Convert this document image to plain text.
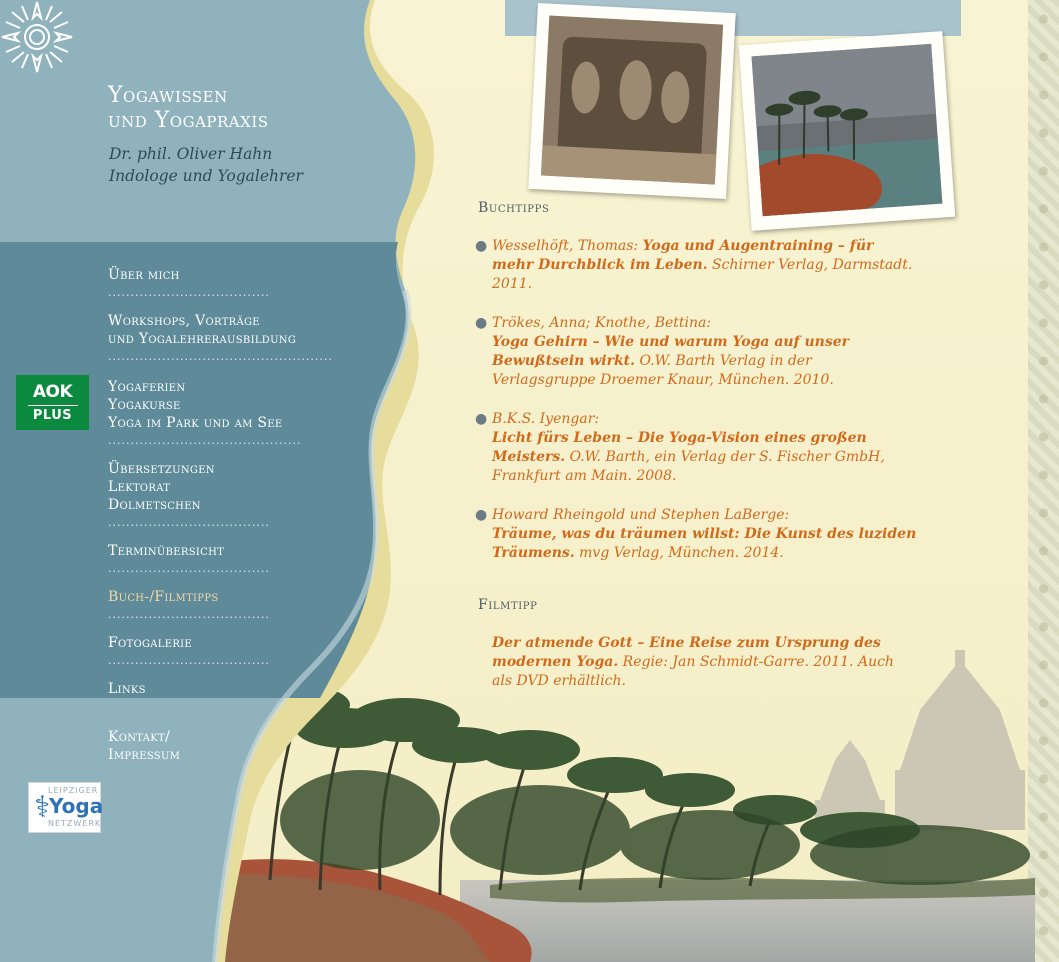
Yogawissen
und Yogapraxis
Dr. phil. Oliver Hahn
Indologe und Yogalehrer
Über mich
....................................
Workshops, Vorträge
und Yogalehrerausbildung
..................................................
Yogaferien
Yogakurse
Yoga im Park und am See
...........................................
Übersetzungen
Lektorat
Dolmetschen
....................................
Terminübersicht
....................................
Buch-/Filmtipps
....................................
Fotogalerie
....................................
Links
Kontakt/
Impressum
AOK
PLUS
⚕
LEIPZIGER
Yoga
NETZWERK
Buchtipps
● Wesselhöft, Thomas: Yoga und Augentraining – für mehr Durchblick im Leben. Schirner Verlag, Darmstadt. 2011.
● Trökes, Anna; Knothe, Bettina:
Yoga Gehirn – Wie und warum Yoga auf unser Bewußtsein wirkt. O.W. Barth Verlag in der Verlagsgruppe Droemer Knaur, München. 2010.
● B.K.S. Iyengar:
Licht fürs Leben – Die Yoga-Vision eines großen Meisters. O.W. Barth, ein Verlag der S. Fischer GmbH, Frankfurt am Main. 2008.
● Howard Rheingold und Stephen LaBerge:
Träume, was du träumen willst: Die Kunst des luziden Träumens. mvg Verlag, München. 2014.
Filmtipp
Der atmende Gott – Eine Reise zum Ursprung des modernen Yoga. Regie: Jan Schmidt-Garre. 2011. Auch als DVD erhältlich.
